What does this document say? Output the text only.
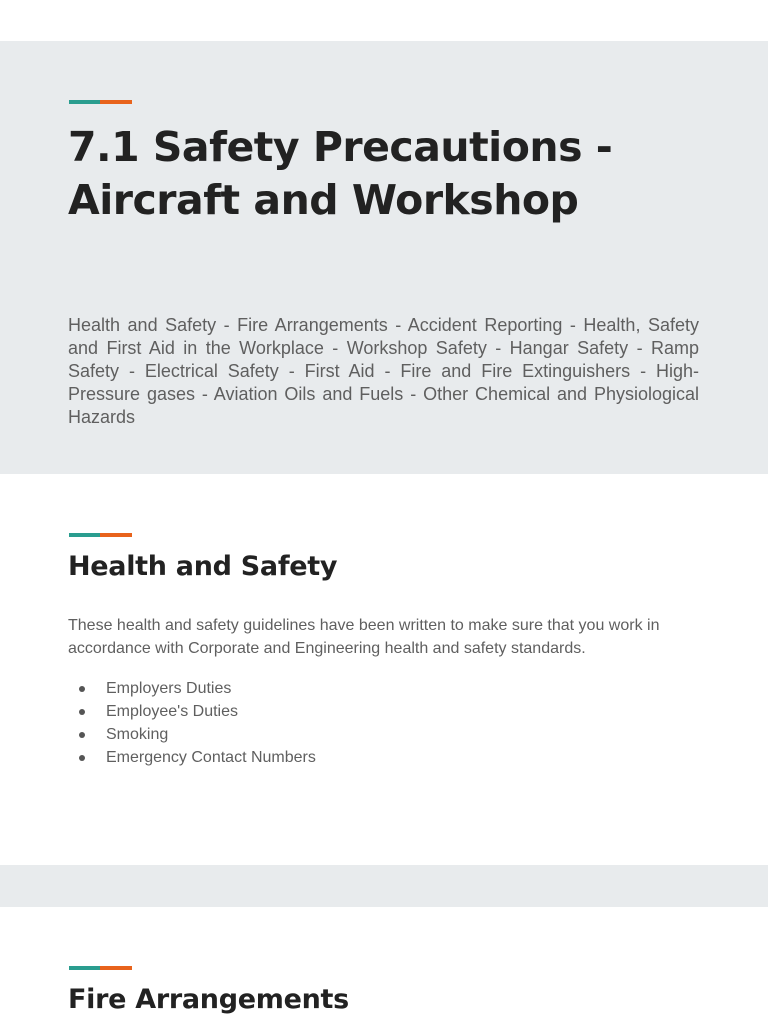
7.1 Safety Precautions - Aircraft and Workshop

Health and Safety - Fire Arrangements - Accident Reporting - Health, Safety and First Aid in the Workplace - Workshop Safety - Hangar Safety - Ramp Safety - Electrical Safety - First Aid - Fire and Fire Extinguishers - High-Pressure gases - Aviation Oils and Fuels - Other Chemical and Physiological Hazards

Health and Safety

These health and safety guidelines have been written to make sure that you work in accordance with Corporate and Engineering health and safety standards.

Employers Duties
Employee's Duties
Smoking
Emergency Contact Numbers
Fire Arrangements
